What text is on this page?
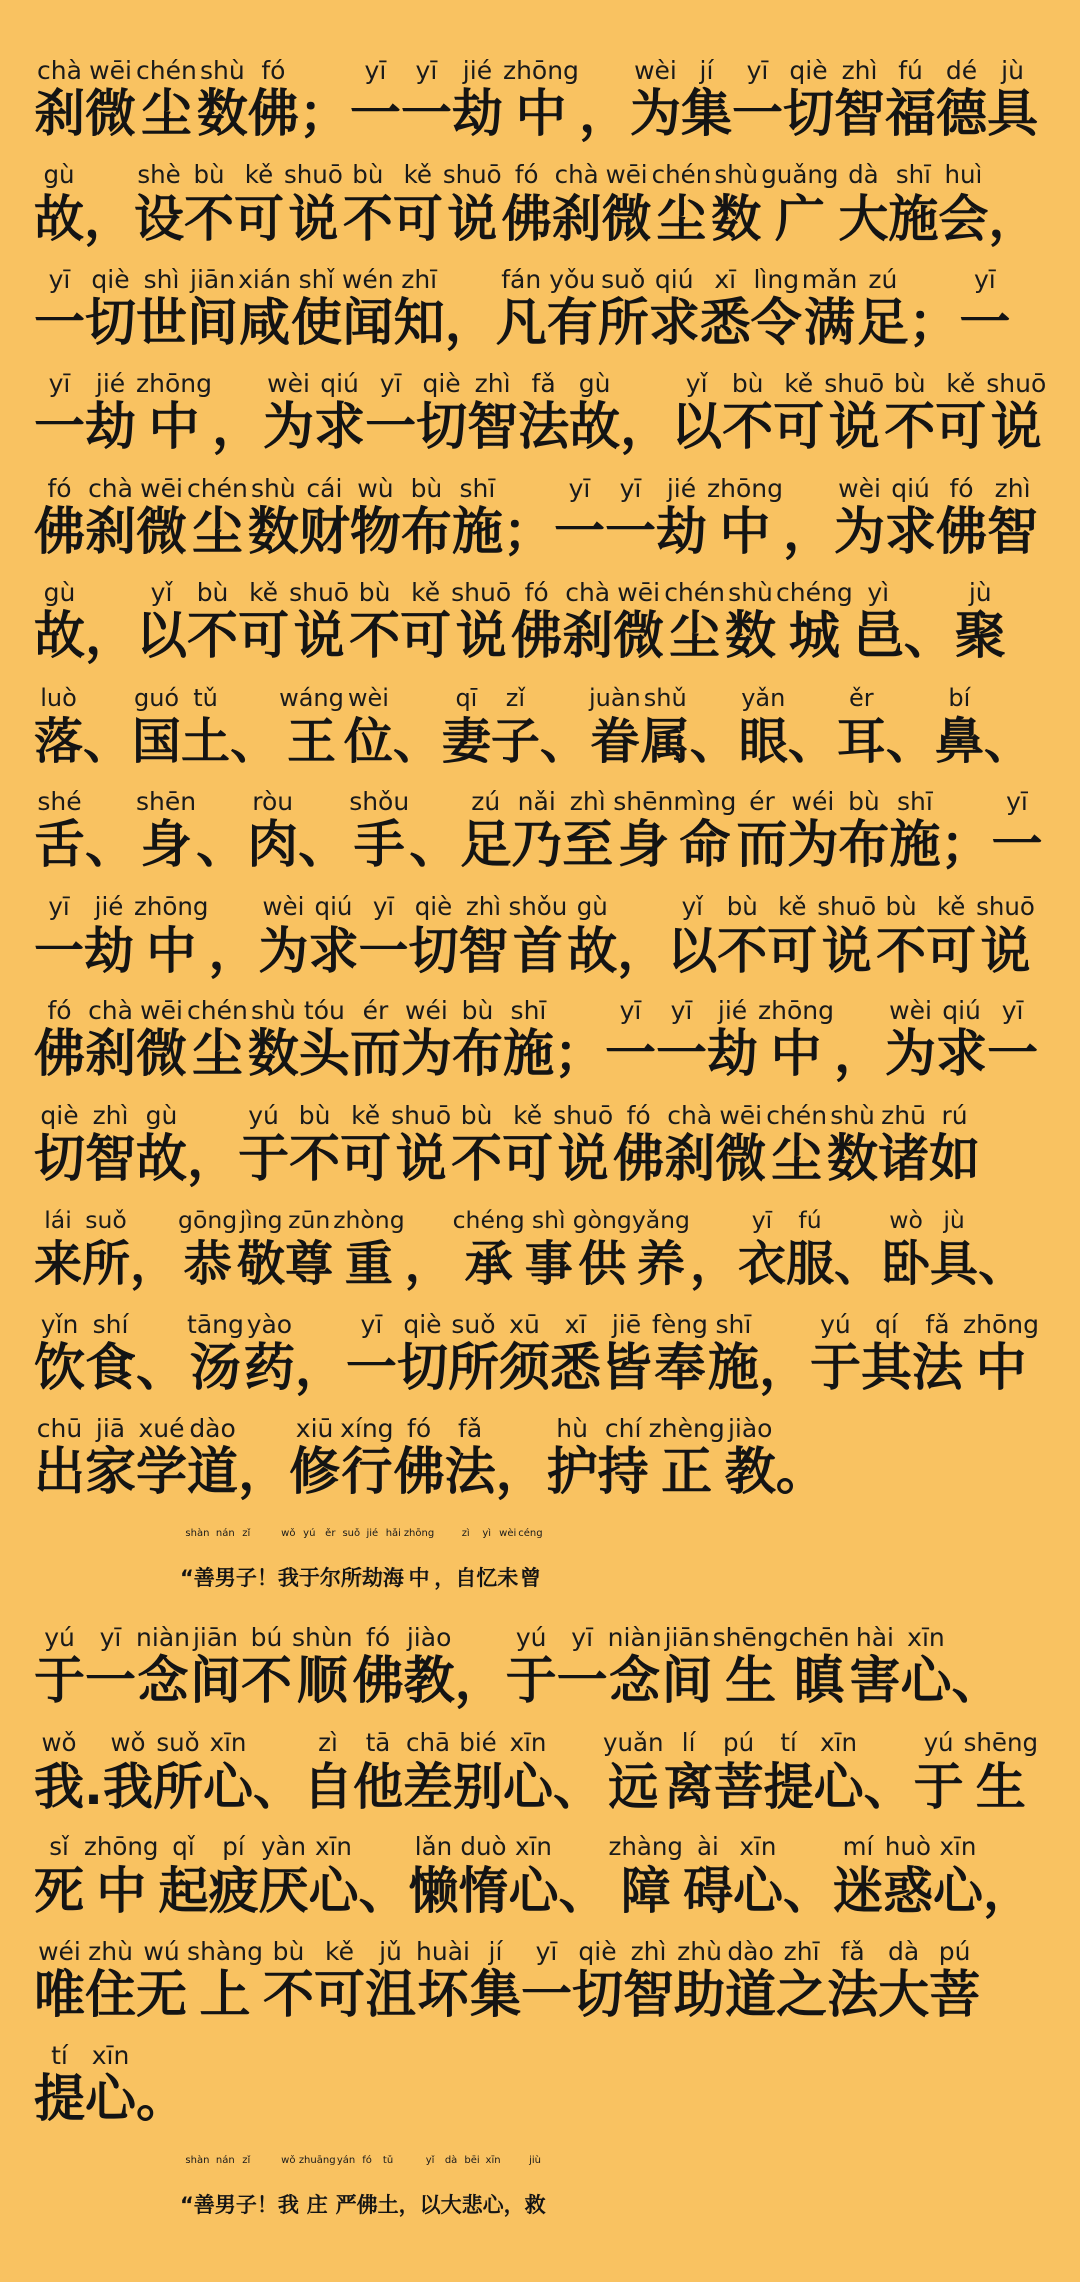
刹
chà
微
wēi
尘
chén
数
shù
佛
fó
；
一
yī
一
yī
劫
jié
中
zhōng
，
为
wèi
集
jí
一
yī
切
qiè
智
zhì
福
fú
德
dé
具
jù
故
gù
，
设
shè
不
bù
可
kě
说
shuō
不
bù
可
kě
说
shuō
佛
fó
刹
chà
微
wēi
尘
chén
数
shù
广
guǎng
大
dà
施
shī
会
huì
，

一
yī
切
qiè
世
shì
间
jiān
咸
xián
使
shǐ
闻
wén
知
zhī
，
凡
fán
有
yǒu
所
suǒ
求
qiú
悉
xī
令
lìng
满
mǎn
足
zú
；
一
yī
一
yī
劫
jié
中
zhōng
，
为
wèi
求
qiú
一
yī
切
qiè
智
zhì
法
fǎ
故
gù
，
以
yǐ
不
bù
可
kě
说
shuō
不
bù
可
kě
说
shuō
佛
fó
刹
chà
微
wēi
尘
chén
数
shù
财
cái
物
wù
布
bù
施
shī
；
一
yī
一
yī
劫
jié
中
zhōng
，
为
wèi
求
qiú
佛
fó
智
zhì
故
gù
，
以
yǐ
不
bù
可
kě
说
shuō
不
bù
可
kě
说
shuō
佛
fó
刹
chà
微
wēi
尘
chén
数
shù
城
chéng
邑
yì
、
聚
jù
落
luò
、
国
guó
土
tǔ
、
王
wáng
位
wèi
、
妻
qī
子
zǐ
、
眷
juàn
属
shǔ
、
眼
yǎn
、
耳
ěr
、
鼻
bí
、

舌
shé
、
身
shēn
、
肉
ròu
、
手
shǒu
、
足
zú
乃
nǎi
至
zhì
身
shēn
命
mìng
而
ér
为
wéi
布
bù
施
shī
；
一
yī
一
yī
劫
jié
中
zhōng
，
为
wèi
求
qiú
一
yī
切
qiè
智
zhì
首
shǒu
故
gù
，
以
yǐ
不
bù
可
kě
说
shuō
不
bù
可
kě
说
shuō
佛
fó
刹
chà
微
wēi
尘
chén
数
shù
头
tóu
而
ér
为
wéi
布
bù
施
shī
；
一
yī
一
yī
劫
jié
中
zhōng
，
为
wèi
求
qiú
一
yī
切
qiè
智
zhì
故
gù
，
于
yú
不
bù
可
kě
说
shuō
不
bù
可
kě
说
shuō
佛
fó
刹
chà
微
wēi
尘
chén
数
shù
诸
zhū
如
rú
来
lái
所
suǒ
，
恭
gōng
敬
jìng
尊
zūn
重
zhòng
，
承
chéng
事
shì
供
gòng
养
yǎng
，
衣
yī
服
fú
、
卧
wò
具
jù
、

饮
yǐn
食
shí
、
汤
tāng
药
yào
，
一
yī
切
qiè
所
suǒ
须
xū
悉
xī
皆
jiē
奉
fèng
施
shī
，
于
yú
其
qí
法
fǎ
中
zhōng
出
chū
家
jiā
学
xué
道
dào
，
修
xiū
行
xíng
佛
fó
法
fǎ
，
护
hù
持
chí
正
zhèng
教
jiào
。

“善
shàn
男
nán
子
zǐ
！
我
wǒ
于
yú
尔
ěr
所
suǒ
劫
jié
海
hǎi
中
zhōng
，
自
zì
忆
yì
未
wèi
曾
céng
于
yú
一
yī
念
niàn
间
jiān
不
bú
顺
shùn
佛
fó
教
jiào
，
于
yú
一
yī
念
niàn
间
jiān
生
shēng
瞋
chēn
害
hài
心
xīn
、

我
wǒ
.
我
wǒ
所
suǒ
心
xīn
、
自
zì
他
tā
差
chā
别
bié
心
xīn
、
远
yuǎn
离
lí
菩
pú
提
tí
心
xīn
、
于
yú
生
shēng
死
sǐ
中
zhōng
起
qǐ
疲
pí
厌
yàn
心
xīn
、
懒
lǎn
惰
duò
心
xīn
、
障
zhàng
碍
ài
心
xīn
、
迷
mí
惑
huò
心
xīn
，

唯
wéi
住
zhù
无
wú
上
shàng
不
bù
可
kě
沮
jǔ
坏
huài
集
jí
一
yī
切
qiè
智
zhì
助
zhù
道
dào
之
zhī
法
fǎ
大
dà
菩
pú
提
tí
心
xīn
。

“善
shàn
男
nán
子
zǐ
！
我
wǒ
庄
zhuāng
严
yán
佛
fó
土
tǔ
，
以
yǐ
大
dà
悲
bēi
心
xīn
，
救
jiù
